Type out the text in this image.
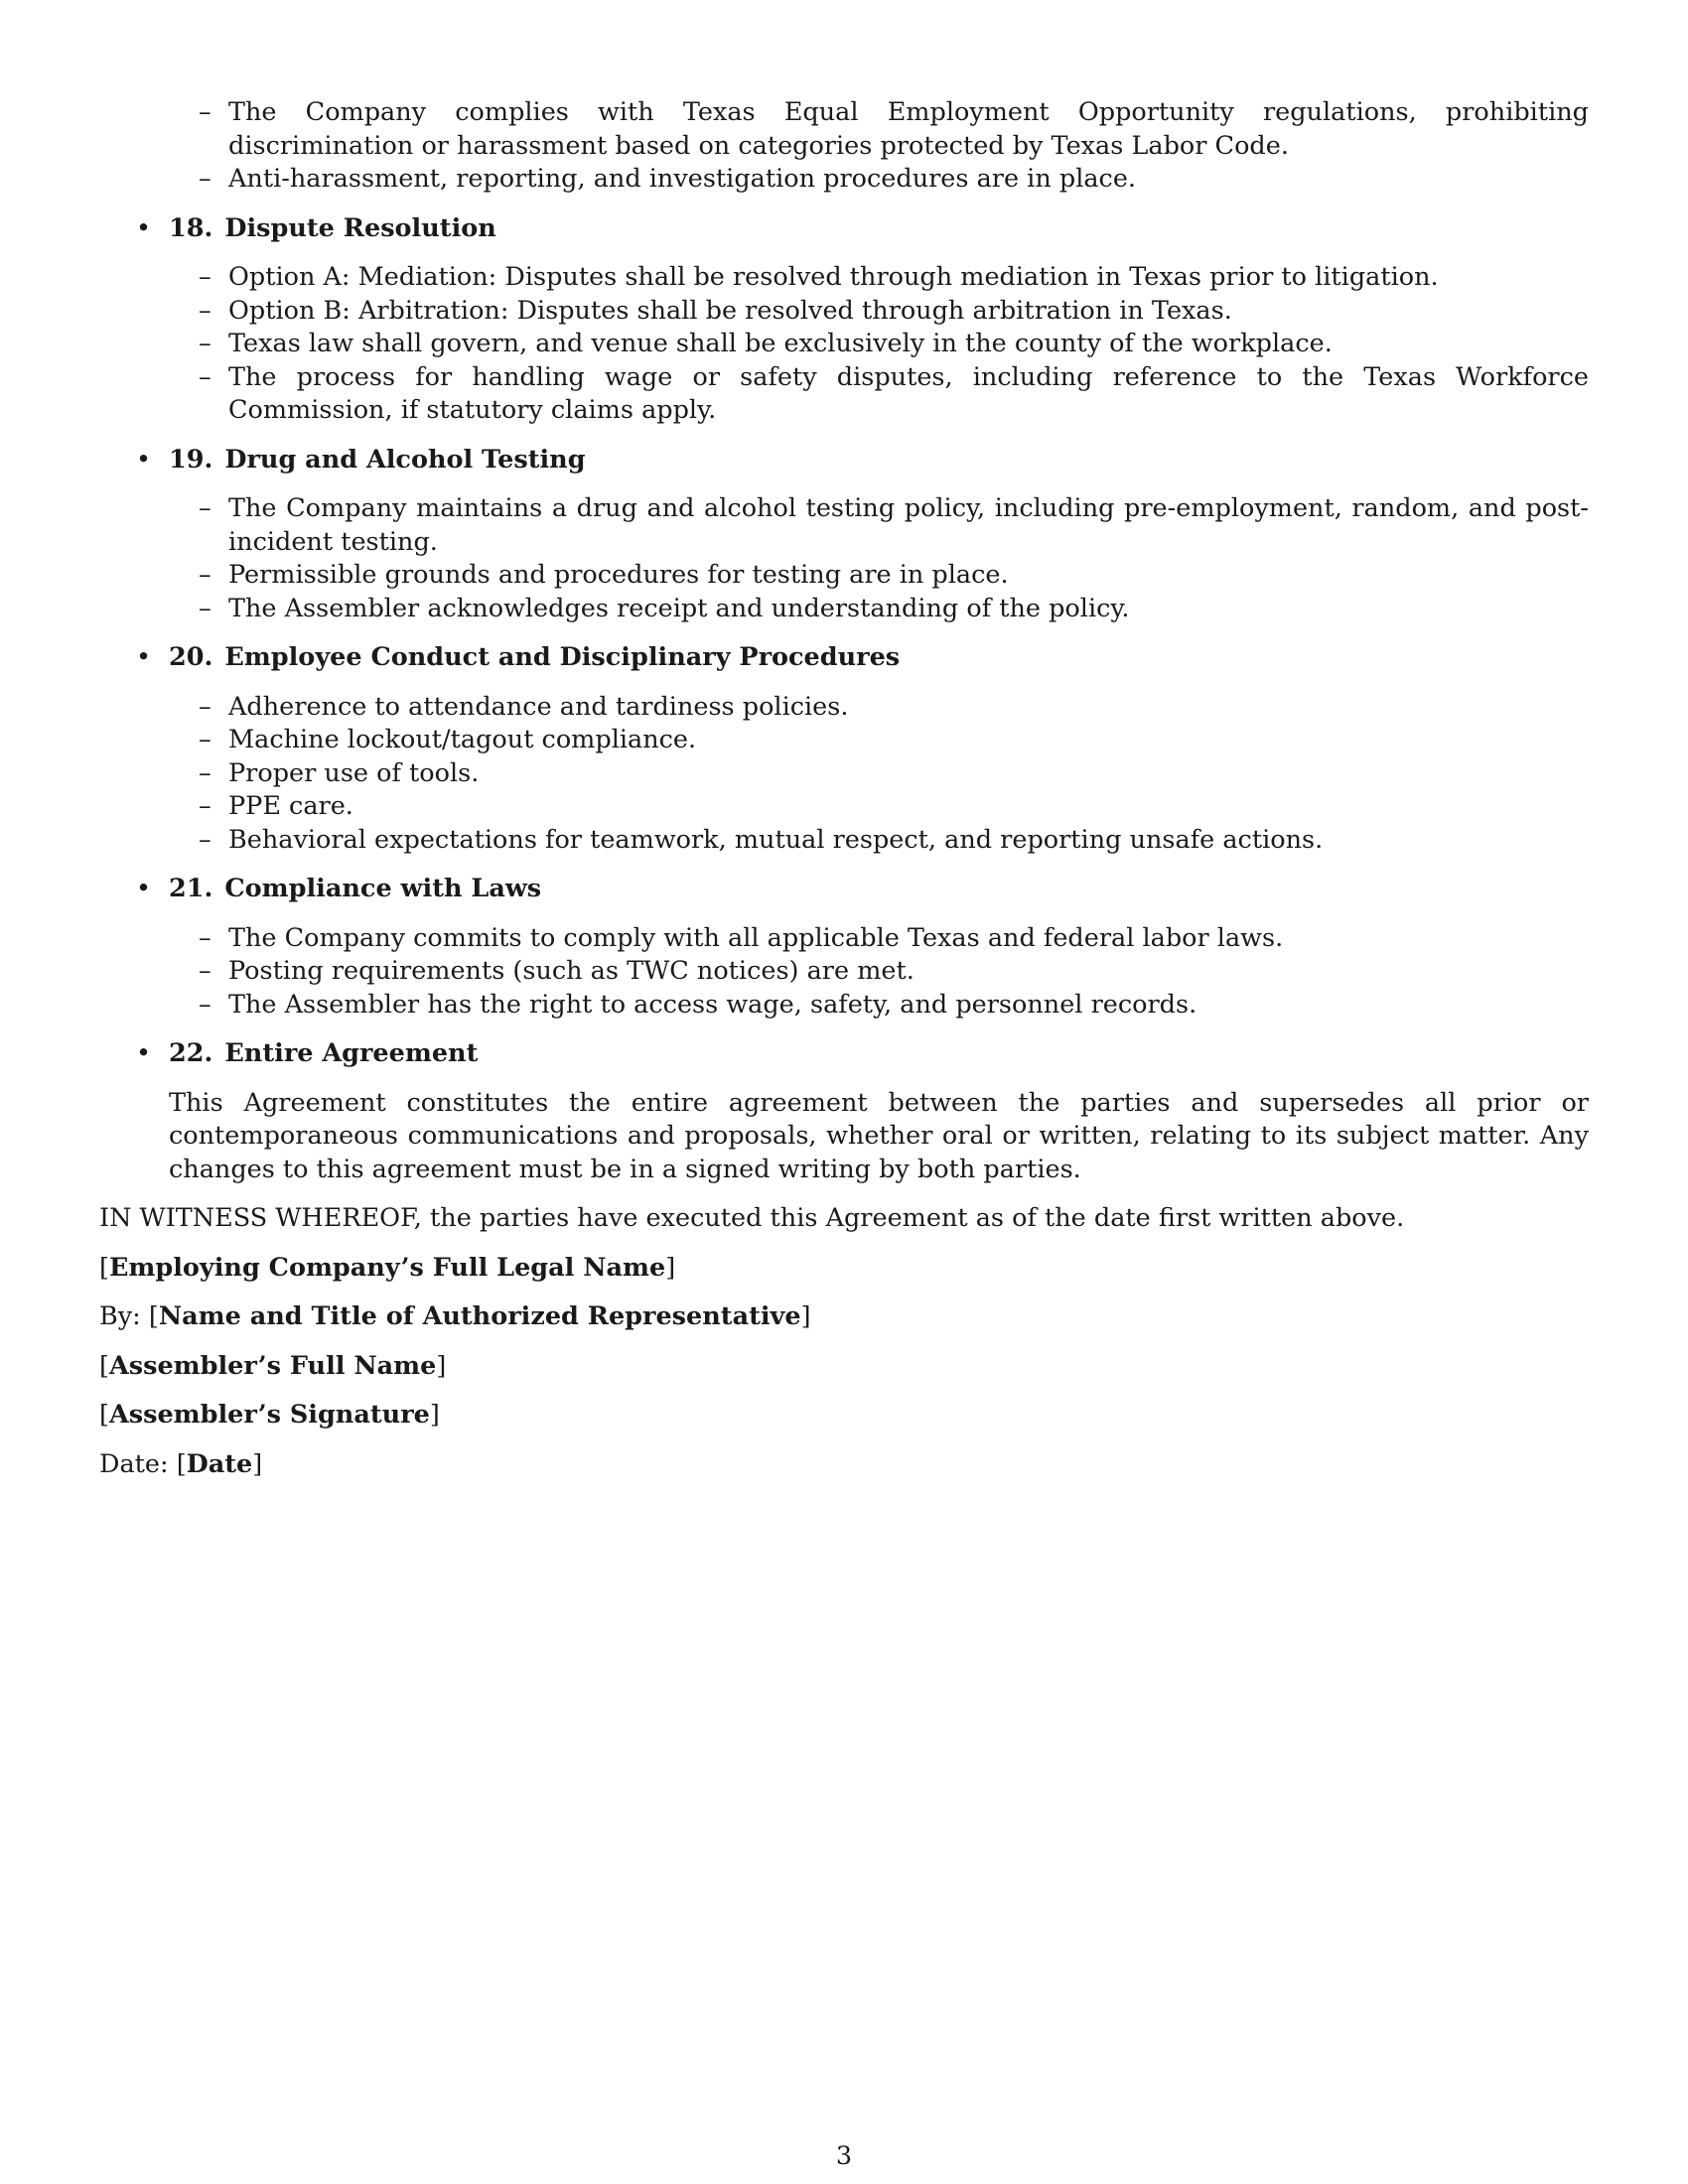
– The Company complies with Texas Equal Employment Opportunity regulations, prohibiting discrimination or harassment based on categories protected by Texas Labor Code.
– Anti-harassment, reporting, and investigation procedures are in place.
• 18. Dispute Resolution
– Option A: Mediation: Disputes shall be resolved through mediation in Texas prior to litigation.
– Option B: Arbitration: Disputes shall be resolved through arbitration in Texas.
– Texas law shall govern, and venue shall be exclusively in the county of the workplace.
– The process for handling wage or safety disputes, including reference to the Texas Workforce Commission, if statutory claims apply.
• 19. Drug and Alcohol Testing
– The Company maintains a drug and alcohol testing policy, including pre-employment, random, and post-incident testing.
– Permissible grounds and procedures for testing are in place.
– The Assembler acknowledges receipt and understanding of the policy.
• 20. Employee Conduct and Disciplinary Procedures
– Adherence to attendance and tardiness policies.
– Machine lockout/tagout compliance.
– Proper use of tools.
– PPE care.
– Behavioral expectations for teamwork, mutual respect, and reporting unsafe actions.
• 21. Compliance with Laws
– The Company commits to comply with all applicable Texas and federal labor laws.
– Posting requirements (such as TWC notices) are met.
– The Assembler has the right to access wage, safety, and personnel records.
• 22. Entire Agreement
This Agreement constitutes the entire agreement between the parties and supersedes all prior or contemporaneous communications and proposals, whether oral or written, relating to its subject matter. Any changes to this agreement must be in a signed writing by both parties.
IN WITNESS WHEREOF, the parties have executed this Agreement as of the date first written above.
[Employing Company’s Full Legal Name]
By: [Name and Title of Authorized Representative]
[Assembler’s Full Name]
[Assembler’s Signature]
Date: [Date]
3
